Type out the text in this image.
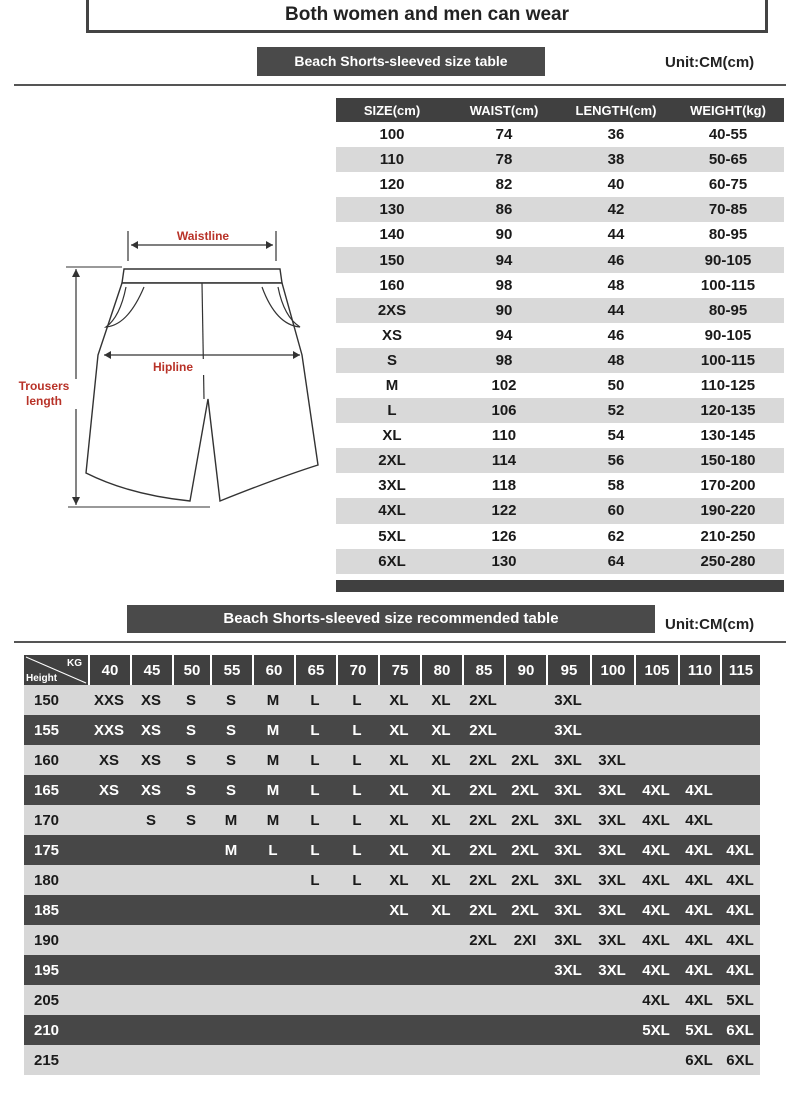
Both women and men can wear
Beach Shorts-sleeved size table	Unit:CM(cm)
Waistline
Hipline
Trousers
length
SIZE(cm)	WAIST(cm)	LENGTH(cm)	WEIGHT(kg)
100	74	36	40-55
110	78	38	50-65
120	82	40	60-75
130	86	42	70-85
140	90	44	80-95
150	94	46	90-105
160	98	48	100-115
2XS	90	44	80-95
XS	94	46	90-105
S	98	48	100-115
M	102	50	110-125
L	106	52	120-135
XL	110	54	130-145
2XL	114	56	150-180
3XL	118	58	170-200
4XL	122	60	190-220
5XL	126	62	210-250
6XL	130	64	250-280
Beach Shorts-sleeved size recommended table	Unit:CM(cm)
KG
Height	40	45	50	55	60	65	70	75	80	85	90	95	100	105	110	115
150	XXS	XS	S	S	M	L	L	XL	XL	2XL		3XL				
155	XXS	XS	S	S	M	L	L	XL	XL	2XL		3XL				
160	XS	XS	S	S	M	L	L	XL	XL	2XL	2XL	3XL	3XL			
165	XS	XS	S	S	M	L	L	XL	XL	2XL	2XL	3XL	3XL	4XL	4XL	
170		S	S	M	M	L	L	XL	XL	2XL	2XL	3XL	3XL	4XL	4XL	
175				M	L	L	L	XL	XL	2XL	2XL	3XL	3XL	4XL	4XL	4XL
180						L	L	XL	XL	2XL	2XL	3XL	3XL	4XL	4XL	4XL
185								XL	XL	2XL	2XL	3XL	3XL	4XL	4XL	4XL
190										2XL	2XI	3XL	3XL	4XL	4XL	4XL
195												3XL	3XL	4XL	4XL	4XL
205														4XL	4XL	5XL
210														5XL	5XL	6XL
215															6XL	6XL
